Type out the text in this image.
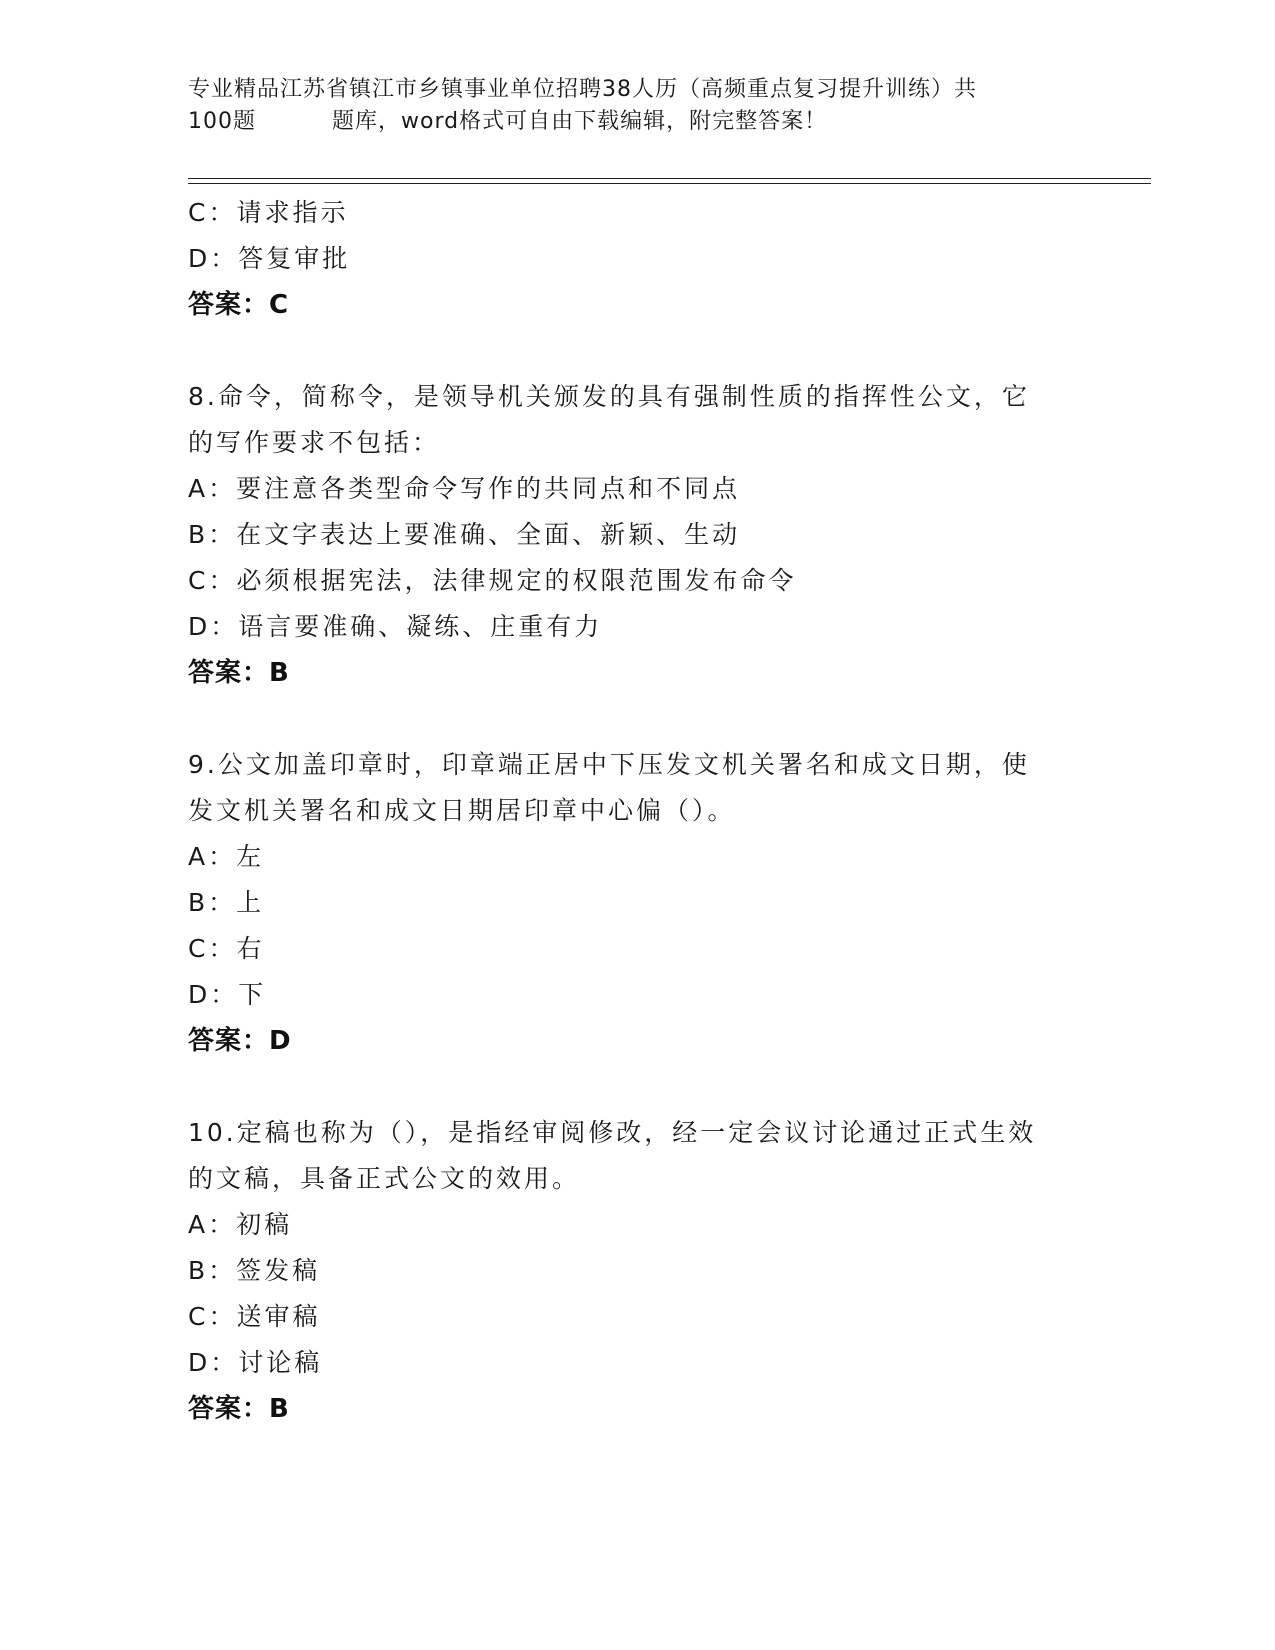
专业精品江苏省镇江市乡镇事业单位招聘38人历（高频重点复习提升训练）共
100题	题库，word格式可自由下载编辑，附完整答案！
C：请求指示
D：答复审批
答案：C
8.命令，简称令，是领导机关颁发的具有强制性质的指挥性公文，它
的写作要求不包括：
A：要注意各类型命令写作的共同点和不同点
B：在文字表达上要准确、全面、新颖、生动
C：必须根据宪法，法律规定的权限范围发布命令
D：语言要准确、凝练、庄重有力
答案：B
9.公文加盖印章时，印章端正居中下压发文机关署名和成文日期，使
发文机关署名和成文日期居印章中心偏（）。
A：左
B：上
C：右
D：下
答案：D
10.定稿也称为（），是指经审阅修改，经一定会议讨论通过正式生效
的文稿，具备正式公文的效用。
A：初稿
B：签发稿
C：送审稿
D：讨论稿
答案：B
